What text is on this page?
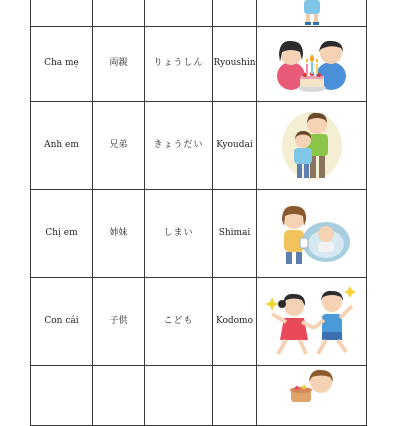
Cha mẹ	両親	りょうしん	Ryoushin	

Anh em	兄弟	きょうだい	Kyoudai	

Chị em	姉妹	しまい	Shimai	

Con cái	子供	こども	Kodomo	
